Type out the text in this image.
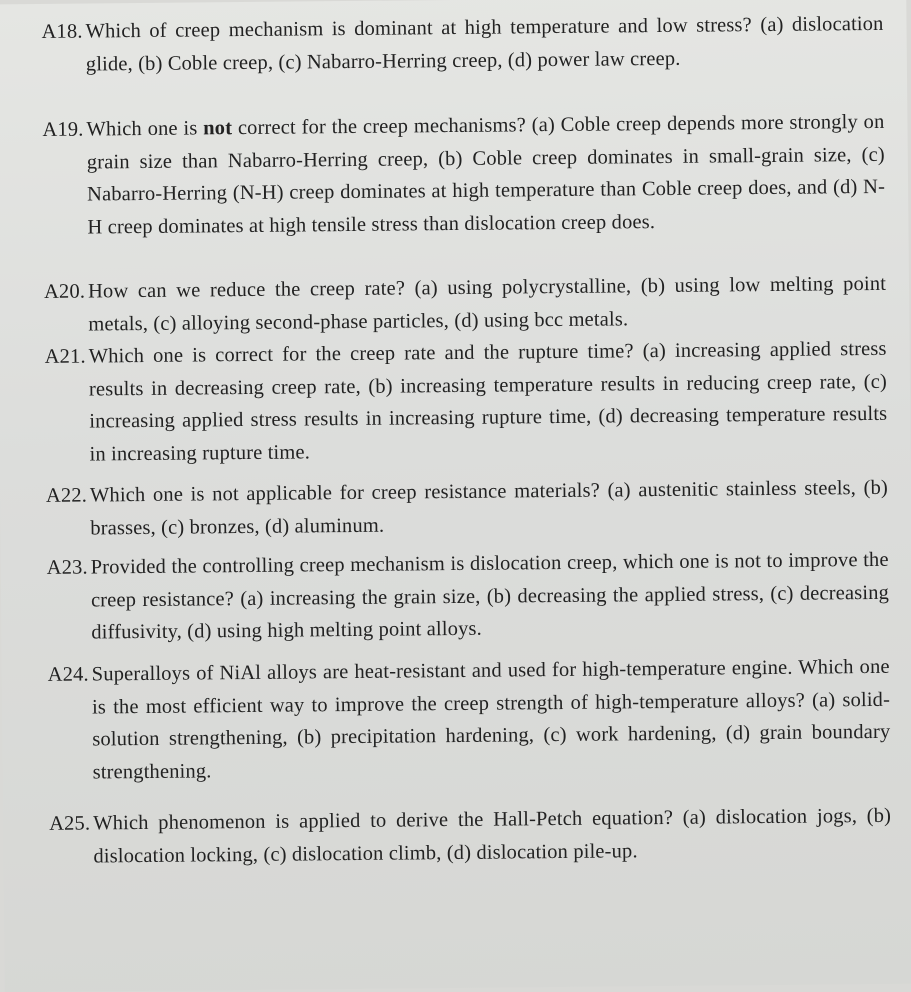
A18. Which of creep mechanism is dominant at high temperature and low stress? (a) dislocation glide, (b) Coble creep, (c) Nabarro-Herring creep, (d) power law creep.
A19. Which one is not correct for the creep mechanisms? (a) Coble creep depends more strongly on grain size than Nabarro-Herring creep, (b) Coble creep dominates in small-grain size, (c) Nabarro-Herring (N-H) creep dominates at high temperature than Coble creep does, and (d) N-H creep dominates at high tensile stress than dislocation creep does.
A20. How can we reduce the creep rate? (a) using polycrystalline, (b) using low melting point metals, (c) alloying second-phase particles, (d) using bcc metals.
A21. Which one is correct for the creep rate and the rupture time? (a) increasing applied stress results in decreasing creep rate, (b) increasing temperature results in reducing creep rate, (c) increasing applied stress results in increasing rupture time, (d) decreasing temperature results in increasing rupture time.
A22. Which one is not applicable for creep resistance materials? (a) austenitic stainless steels, (b) brasses, (c) bronzes, (d) aluminum.
A23. Provided the controlling creep mechanism is dislocation creep, which one is not to improve the creep resistance? (a) increasing the grain size, (b) decreasing the applied stress, (c) decreasing diffusivity, (d) using high melting point alloys.
A24. Superalloys of NiAl alloys are heat-resistant and used for high-temperature engine. Which one is the most efficient way to improve the creep strength of high-temperature alloys? (a) solid-solution strengthening, (b) precipitation hardening, (c) work hardening, (d) grain boundary strengthening.
A25. Which phenomenon is applied to derive the Hall-Petch equation? (a) dislocation jogs, (b) dislocation locking, (c) dislocation climb, (d) dislocation pile-up.
